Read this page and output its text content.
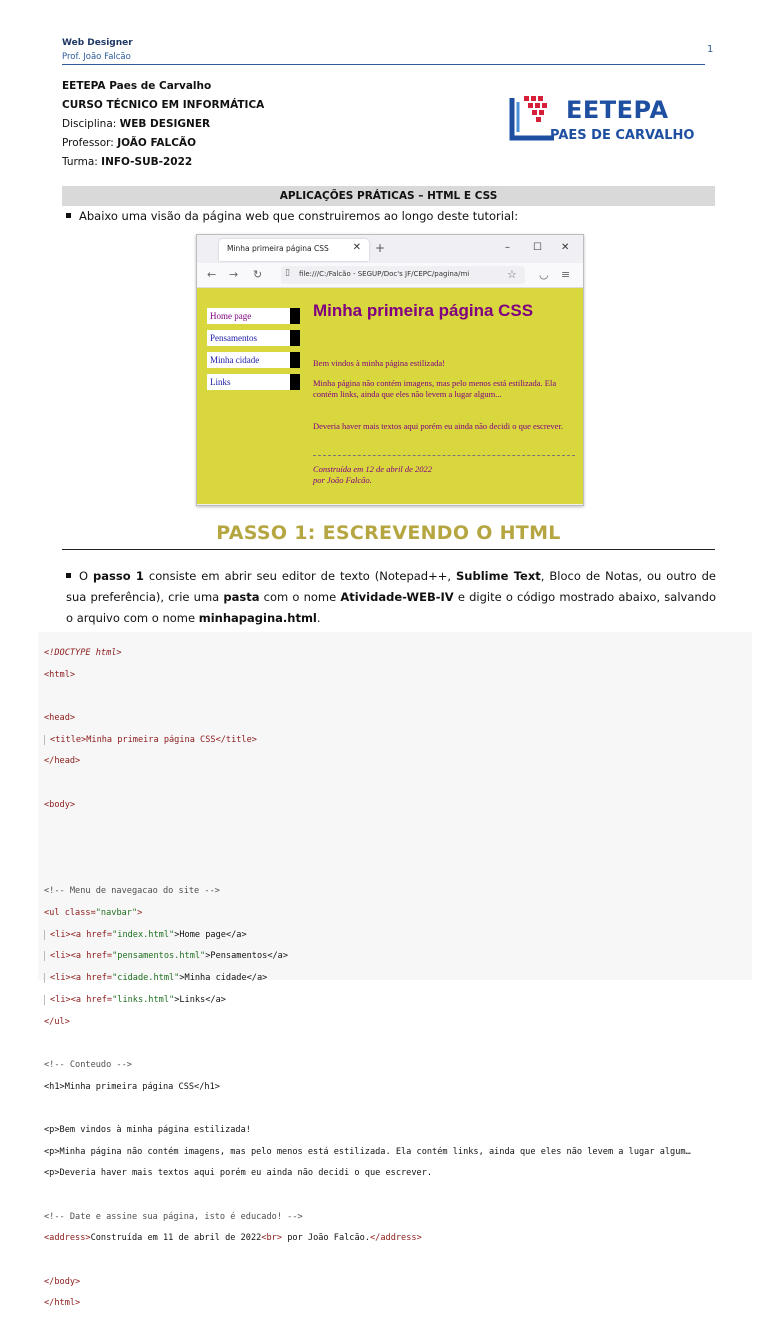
Web Designer
Prof. João Falcão
1
EETEPA Paes de Carvalho
CURSO TÉCNICO EM INFORMÁTICA
Disciplina: WEB DESIGNER
Professor: JOÃO FALCÃO
Turma: INFO-SUB-2022
EETEPA
PAES DE CARVALHO
APLICAÇÕES PRÁTICAS – HTML E CSS
Abaixo uma visão da página web que construiremos ao longo deste tutorial:
Minha primeira página CSS ✕ +	– ☐ ✕
← → ↻	▯ file:///C:/Falcão - SEGUP/Doc's JF/CEPC/pagina/mi	☆ ◡ ≡
Home page
Pensamentos
Minha cidade
Links
Minha primeira página CSS
Bem vindos à minha página estilizada!
Minha página não contém imagens, mas pelo menos está estilizada. Ela contém links, ainda que eles não levem a lugar algum...
Deveria haver mais textos aqui porém eu ainda não decidi o que escrever.
Construída em 12 de abril de 2022
por João Falcão.
PASSO 1: ESCREVENDO O HTML
O passo 1 consiste em abrir seu editor de texto (Notepad++, Sublime Text, Bloco de Notas, ou outro de sua preferência), crie uma pasta com o nome Atividade-WEB-IV e digite o código mostrado abaixo, salvando o arquivo com o nome minhapagina.html.

<!DOCTYPE html>

<html>

<head>

<title>Minha primeira página CSS</title>

</head>

<body>

<!-- Menu de navegacao do site -->

<ul class="navbar">

<li><a href="index.html">Home page</a>

<li><a href="pensamentos.html">Pensamentos</a>

<li><a href="cidade.html">Minha cidade</a>

<li><a href="links.html">Links</a>

</ul>

<!-- Conteudo -->

<h1>Minha primeira página CSS</h1>

<p>Bem vindos à minha página estilizada!

<p>Minha página não contém imagens, mas pelo menos está estilizada. Ela contém links, ainda que eles não levem a lugar algum…

<p>Deveria haver mais textos aqui porém eu ainda não decidi o que escrever.

<!-- Date e assine sua página, isto é educado! -->

<address>Construída em 11 de abril de 2022<br> por João Falcão.</address>

</body>

</html>
